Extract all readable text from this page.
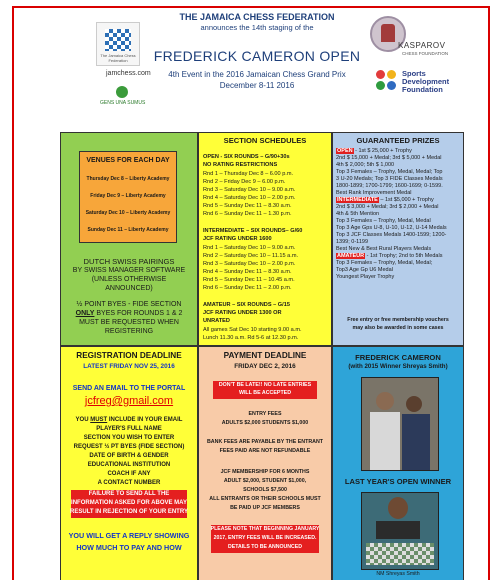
The Jamaica Chess Federation
jamchess.com
GENS UNA SUMUS
THE JAMAICA CHESS FEDERATION
announces the 14th staging of the
FREDERICK CAMERON OPEN
4th Event in the 2016 Jamaican Chess Grand Prix
December 8-11 2016
KASPAROV
CHESS FOUNDATION
Sports
Development
Foundation
VENUES FOR EACH DAY
Thursday Dec 8 – Liberty Academy
Friday Dec 9 – Liberty Academy
Saturday Dec 10 – Liberty Academy
Sunday Dec 11 – Liberty Academy
DUTCH SWISS PAIRINGS
BY SWISS MANAGER SOFTWARE
(UNLESS OTHERWISE
ANNOUNCED)
½ POINT BYES - FIDE SECTION
ONLY BYES FOR ROUNDS 1 & 2
MUST BE REQUESTED WHEN
REGISTERING
SECTION SCHEDULES
OPEN - SIX ROUNDS – G/90+30s
NO RATING RESTRICTIONS
Rnd 1 – Thursday Dec 8 – 6.00 p.m.
Rnd 2 – Friday Dec 9 – 6.00 p.m.
Rnd 3 – Saturday Dec 10 – 9.00 a.m.
Rnd 4 – Saturday Dec 10 – 2.00 p.m.
Rnd 5 – Sunday Dec 11 – 8.30 a.m.
Rnd 6 – Sunday Dec 11 – 1.30 p.m.
INTERMEDIATE – SIX ROUNDS– G/60
JCF RATING UNDER 1600
Rnd 1 – Saturday Dec 10 – 9.00 a.m.
Rnd 2 – Saturday Dec 10 – 11.15 a.m.
Rnd 3 – Saturday Dec 10 – 2.00 p.m.
Rnd 4 – Sunday Dec 11 – 8.30 a.m.
Rnd 5 – Sunday Dec 11 – 10.45 a.m.
Rnd 6 – Sunday Dec 11 – 2.00 p.m.
AMATEUR – SIX ROUNDS – G/15
JCF RATING UNDER 1300 OR
UNRATED
All games Sat Dec 10 starting 9.00 a.m.
Lunch 11.30 a.m. Rd 5-6 at 12.30 p.m.
GUARANTEED PRIZES
OPEN - 1st $ 25,000 + Trophy
2nd $ 15,000 + Medal; 3rd $ 5,000 + Medal
4th $ 2,000; 5th $ 1,000
Top 3 Females – Trophy, Medal, Medal; Top
3 U-20 Medals; Top 3 FIDE Classes Medals
1800-1899; 1700-1799; 1600-1699; 0-1599.
Best Rank Improvement Medal
INTERMEDIATE – 1st $5,000 + Trophy
2nd $ 3,000 + Medal; 3rd $ 2,000 + Medal
4th & 5th Mention
Top 3 Females – Trophy, Medal, Medal
Top 3 Age Gps U-8, U-10, U-12, U-14 Medals
Top 3 JCF Classes Medals 1400-1599; 1200-
1399; 0-1199
Best New & Best Rural Players Medals
AMATEUR - 1st Trophy; 2nd to 5th Medals
Top 3 Females – Trophy, Medal, Medal;
Top3 Age Gp U6 Medal
Youngest Player Trophy
Free entry or free membership vouchers
may also be awarded in some cases
REGISTRATION DEADLINE
LATEST FRIDAY NOV 25, 2016
SEND AN EMAIL TO THE PORTAL
jcfreg@gmail.com
YOU MUST INCLUDE IN YOUR EMAIL
PLAYER'S FULL NAME
SECTION YOU WISH TO ENTER
REQUEST ½ PT BYES (FIDE SECTION)
DATE OF BIRTH & GENDER
EDUCATIONAL INSTITUTION
COACH IF ANY
A CONTACT NUMBER
FAILURE TO SEND ALL THE
INFORMATION ASKED FOR ABOVE MAY
RESULT IN REJECTION OF YOUR ENTRY
YOU WILL GET A REPLY SHOWING
HOW MUCH TO PAY AND HOW
PAYMENT DEADLINE
FRIDAY DEC 2, 2016
DON'T BE LATE!! NO LATE ENTRIES
WILL BE ACCEPTED
ENTRY FEES
ADULTS $2,000 STUDENTS $1,000
BANK FEES ARE PAYABLE BY THE ENTRANT
FEES PAID ARE NOT REFUNDABLE
JCF MEMBERSHIP FOR 6 MONTHS
ADULT $2,000, STUDENT $1,000,
SCHOOLS $7,500
ALL ENTRANTS OR THEIR SCHOOLS MUST
BE PAID UP JCF MEMBERS
PLEASE NOTE THAT BEGINNING JANUARY
2017, ENTRY FEES WILL BE INCREASED.
DETAILS TO BE ANNOUNCED
FREDERICK CAMERON
(with 2015 Winner Shreyas Smith)
LAST YEAR'S OPEN WINNER
NM Shreyas Smith
